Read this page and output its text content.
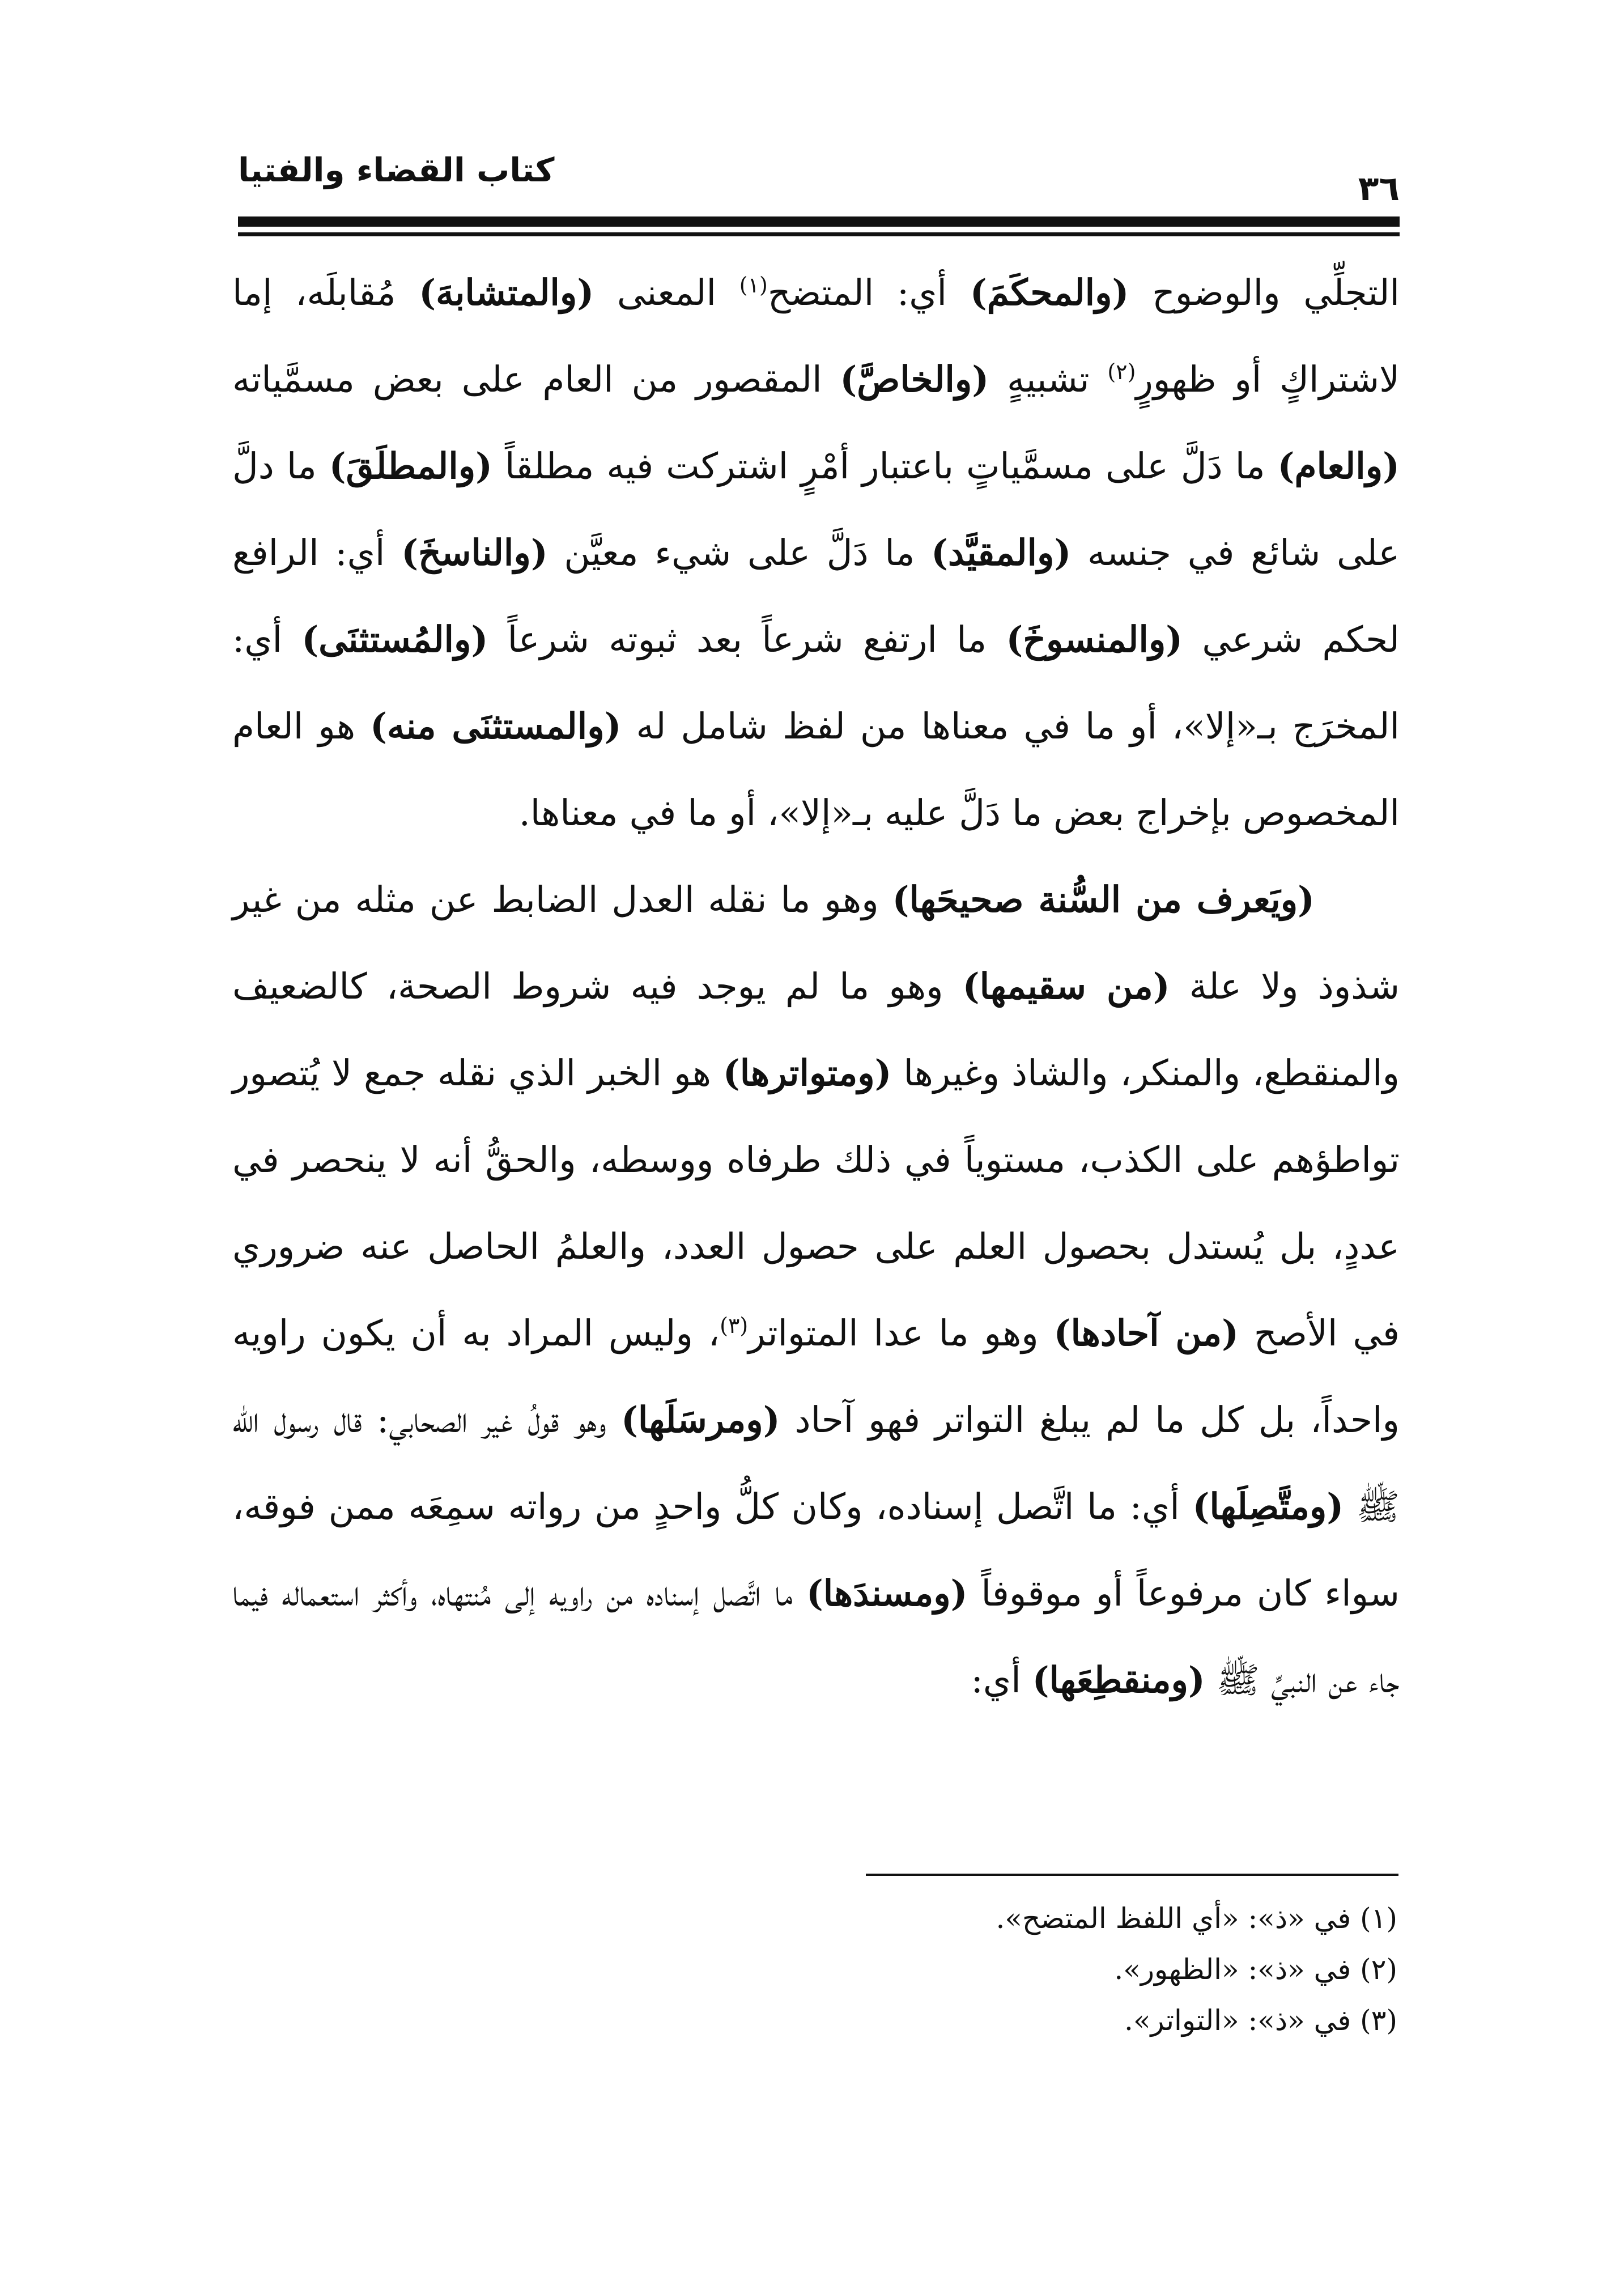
كتاب القضاء والفتيا	٣٦

التجلِّي والوضوح (والمحكَمَ) أي: المتضح$^{(١)}$ المعنى (والمتشابهَ) مُقابلَه، إما لاشتراكٍ أو ظهورٍ$^{(٢)}$ تشبيهٍ (والخاصَّ) المقصور من العام على بعض مسمَّياته (والعام) ما دَلَّ على مسمَّياتٍ باعتبار أمْرٍ اشتركت فيه مطلقاً (والمطلَقَ) ما دلَّ على شائع في جنسه (والمقيَّد) ما دَلَّ على شيء معيَّن (والناسخَ) أي: الرافع لحكم شرعي (والمنسوخَ) ما ارتفع شرعاً بعد ثبوته شرعاً (والمُستثنَى) أي: المخرَج بـ«إلا»، أو ما في معناها من لفظ شامل له (والمستثنَى منه) هو العام المخصوص بإخراج بعض ما دَلَّ عليه بـ«إلا»، أو ما في معناها.

(ويَعرف من السُّنة صحيحَها) وهو ما نقله العدل الضابط عن مثله من غير شذوذ ولا علة (من سقيمها) وهو ما لم يوجد فيه شروط الصحة، كالضعيف والمنقطع، والمنكر، والشاذ وغيرها (ومتواترها) هو الخبر الذي نقله جمع لا يُتصور تواطؤهم على الكذب، مستوياً في ذلك طرفاه ووسطه، والحقُّ أنه لا ينحصر في عددٍ، بل يُستدل بحصول العلم على حصول العدد، والعلمُ الحاصل عنه ضروري في الأصح (من آحادها) وهو ما عدا المتواتر$^{(٣)}$، وليس المراد به أن يكون راويه واحداً، بل كل ما لم يبلغ التواتر فهو آحاد (ومرسَلَها) وهو قولُ غير الصحابي: قال رسول الله ﷺ (ومتَّصِلَها) أي: ما اتَّصل إسناده، وكان كلُّ واحدٍ من رواته سمِعَه ممن فوقه، سواء كان مرفوعاً أو موقوفاً (ومسندَها) ما اتَّصل إسناده من راويه إلى مُنتهاه، وأكثر استعماله فيما جاء عن النبيِّ ﷺ (ومنقطِعَها) أي:

(١) في «ذ»: «أي اللفظ المتضح».
(٢) في «ذ»: «الظهور».
(٣) في «ذ»: «التواتر».
